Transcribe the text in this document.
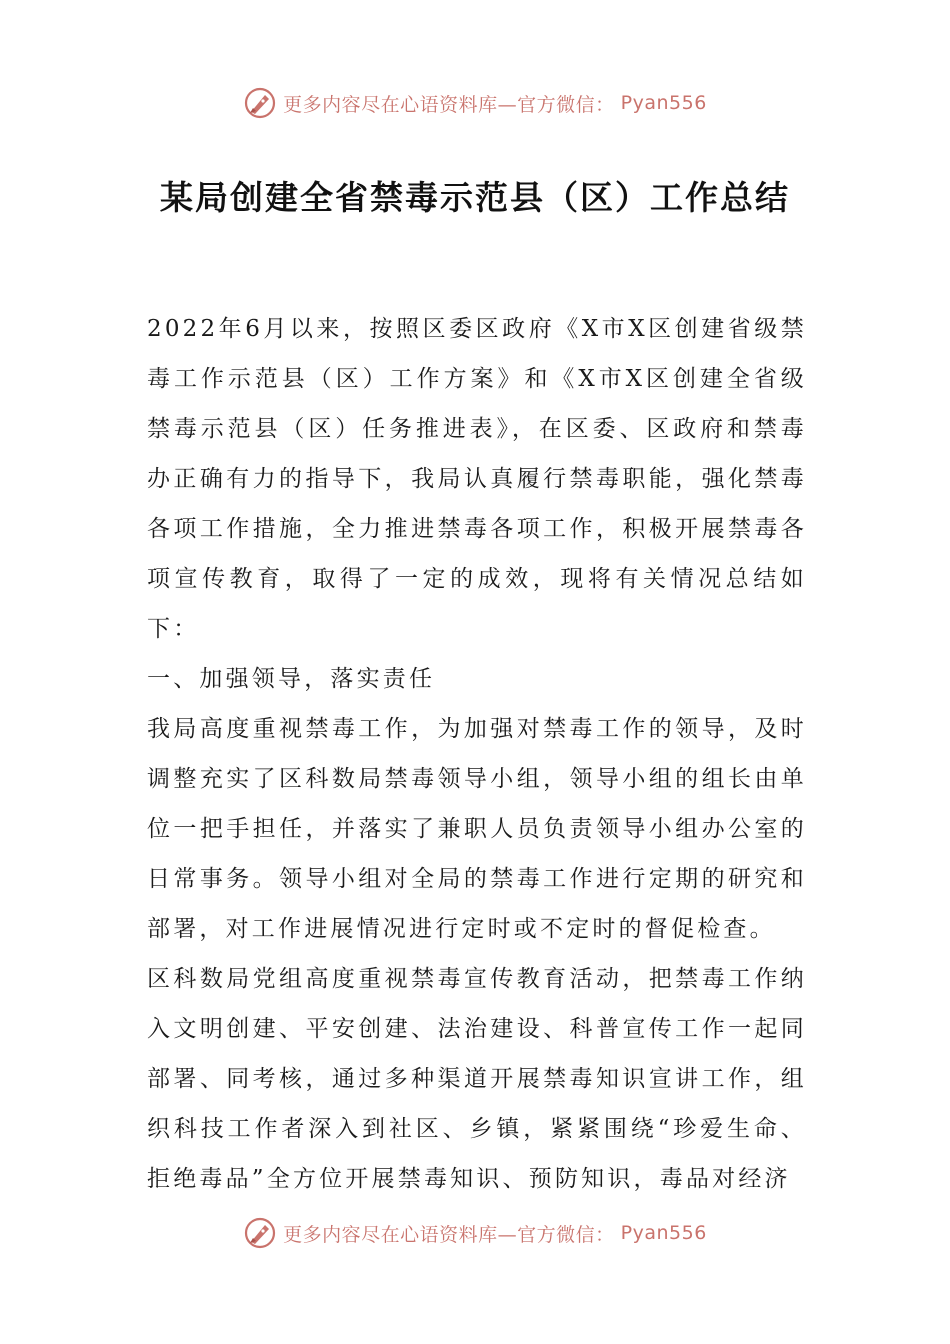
更多内容尽在心语资料库—官方微信： Pyan556
某局创建全省禁毒示范县（区）工作总结

2022年6月以来，按照区委区政府《X市X区创建省级禁毒工作示范县（区）工作方案》和《X市X区创建全省级禁毒示范县（区）任务推进表》，在区委、区政府和禁毒办正确有力的指导下，我局认真履行禁毒职能，强化禁毒各项工作措施，全力推进禁毒各项工作，积极开展禁毒各项宣传教育，取得了一定的成效，现将有关情况总结如下：

一、加强领导，落实责任

我局高度重视禁毒工作，为加强对禁毒工作的领导，及时调整充实了区科数局禁毒领导小组，领导小组的组长由单位一把手担任，并落实了兼职人员负责领导小组办公室的日常事务。领导小组对全局的禁毒工作进行定期的研究和部署，对工作进展情况进行定时或不定时的督促检查。

区科数局党组高度重视禁毒宣传教育活动，把禁毒工作纳入文明创建、平安创建、法治建设、科普宣传工作一起同部署、同考核，通过多种渠道开展禁毒知识宣讲工作，组织科技工作者深入到社区、乡镇，紧紧围绕“珍爱生命、拒绝毒品”全方位开展禁毒知识、预防知识，毒品对经济

更多内容尽在心语资料库—官方微信： Pyan556
